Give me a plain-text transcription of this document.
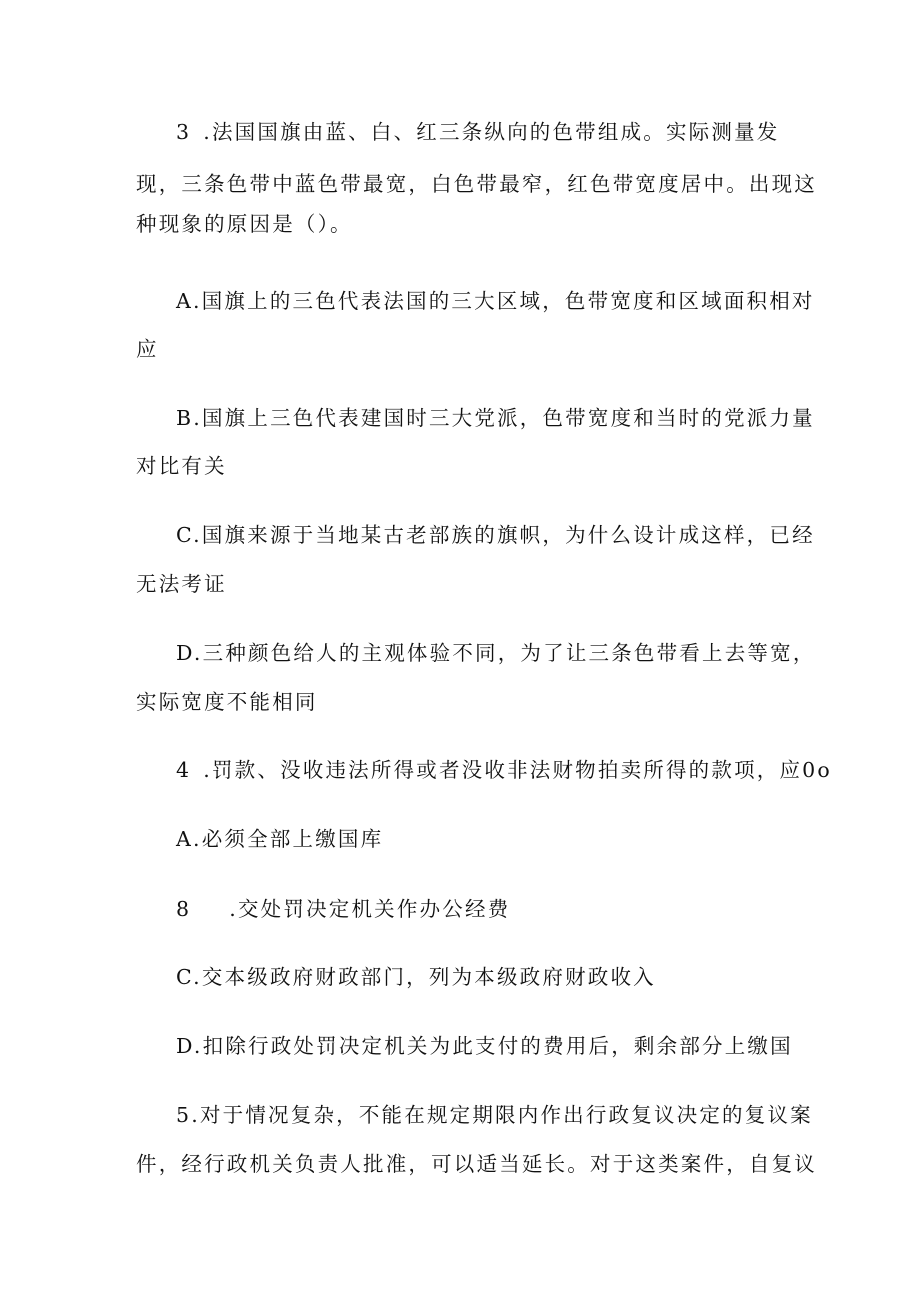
3 .法国国旗由蓝、白、红三条纵向的色带组成。实际测量发
现，三条色带中蓝色带最宽，白色带最窄，红色带宽度居中。出现这
种现象的原因是（）。
A.国旗上的三色代表法国的三大区域，色带宽度和区域面积相对
应
B.国旗上三色代表建国时三大党派，色带宽度和当时的党派力量
对比有关
C.国旗来源于当地某古老部族的旗帜，为什么设计成这样，已经
无法考证
D.三种颜色给人的主观体验不同，为了让三条色带看上去等宽，
实际宽度不能相同
4 .罚款、没收违法所得或者没收非法财物拍卖所得的款项，应0o
A.必须全部上缴国库
8 .交处罚决定机关作办公经费
C.交本级政府财政部门，列为本级政府财政收入
D.扣除行政处罚决定机关为此支付的费用后，剩余部分上缴国
5.对于情况复杂，不能在规定期限内作出行政复议决定的复议案
件，经行政机关负责人批准，可以适当延长。对于这类案件，自复议
